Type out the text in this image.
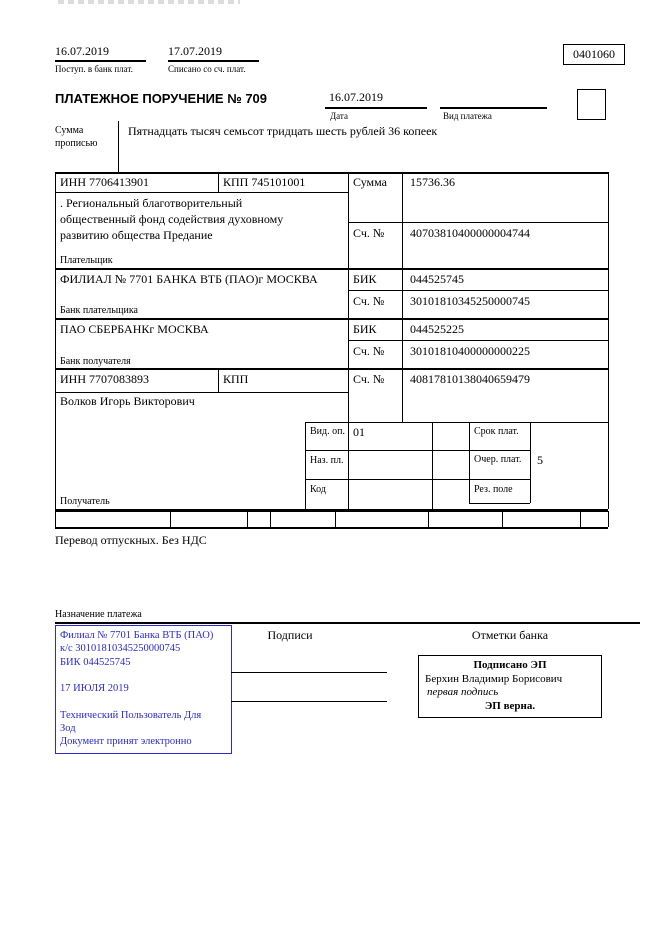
16.07.2019
Поступ. в банк плат.
17.07.2019
Списано со сч. плат.
0401060
ПЛАТЕЖНОЕ ПОРУЧЕНИЕ № 709	16.07.2019
Дата	Вид платежа
Сумма прописью
Пятнадцать тысяч семьсот тридцать шесть рублей 36 копеек
ИНН 7706413901	КПП 745101001	Сумма 15736.36
. Региональный благотворительный
общественный фонд содействия духовному
развитию общества Предание	Сч. № 40703810400000004744
Плательщик
ФИЛИАЛ № 7701 БАНКА ВТБ (ПАО)г МОСКВА	БИК	044525745
Сч. № 30101810345250000745
Банк плательщика
ПАО СБЕРБАНКг МОСКВА	БИК	044525225
Сч. № 30101810400000000225
Банк получателя
ИНН 7707083893	КПП	Сч. № 40817810138040659479
Волков Игорь Викторович
Вид. оп. 01	Срок плат.
Наз. пл.	Очер. плат. 5
Код	Рез. поле
Получатель
Перевод отпускных. Без НДС
Назначение платежа
Филиал № 7701 Банка ВТБ (ПАО)
к/с 30101810345250000745
БИК 044525745
17 ИЮЛЯ 2019
Технический Пользователь Для
Зод
Документ принят электронно
Подписи	Отметки банка
Подписано ЭП
Берхин Владимир Борисович
первая подпись
ЭП верна.
